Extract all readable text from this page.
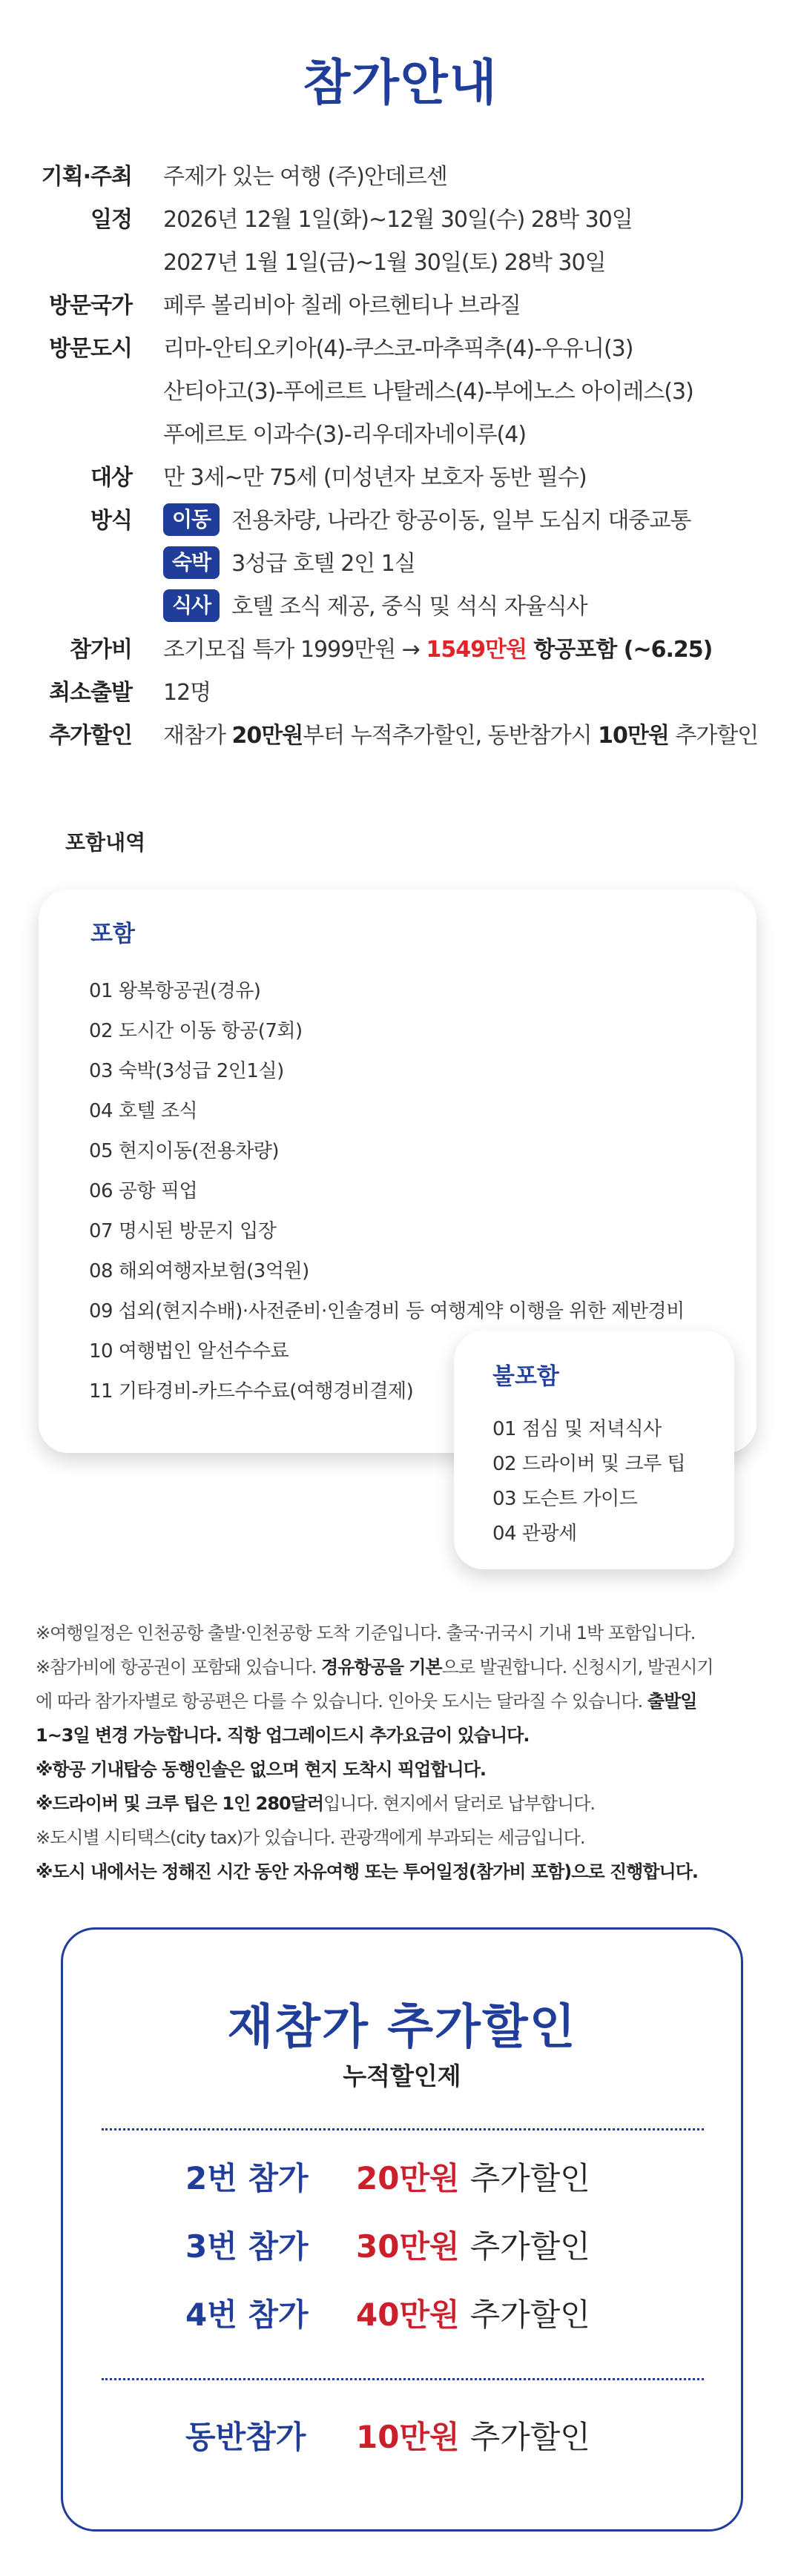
참가안내
기획·주최 주제가 있는 여행 (주)안데르센
일정 2026년 12월 1일(화)~12월 30일(수) 28박 30일
2027년 1월 1일(금)~1월 30일(토) 28박 30일
방문국가 페루 볼리비아 칠레 아르헨티나 브라질
방문도시 리마-안티오키아(4)-쿠스코-마추픽추(4)-우유니(3)
산티아고(3)-푸에르트 나탈레스(4)-부에노스 아이레스(3)
푸에르토 이과수(3)-리우데자네이루(4)
대상 만 3세~만 75세 (미성년자 보호자 동반 필수)
방식	이동 전용차량, 나라간 항공이동, 일부 도심지 대중교통
숙박 3성급 호텔 2인 1실
식사 호텔 조식 제공, 중식 및 석식 자율식사
참가비 조기모집 특가 1999만원 → 1549만원 항공포함 (~6.25)
최소출발 12명
추가할인 재참가 20만원부터 누적추가할인, 동반참가시 10만원 추가할인
포함내역
포함
01 왕복항공권(경유)
02 도시간 이동 항공(7회)
03 숙박(3성급 2인1실)
04 호텔 조식
05 현지이동(전용차량)
06 공항 픽업
07 명시된 방문지 입장
08 해외여행자보험(3억원)
09 섭외(현지수배)·사전준비·인솔경비 등 여행계약 이행을 위한 제반경비
10 여행법인 알선수수료
11 기타경비-카드수수료(여행경비결제)
불포함
01 점심 및 저녁식사
02 드라이버 및 크루 팁
03 도슨트 가이드
04 관광세
※여행일정은 인천공항 출발·인천공항 도착 기준입니다. 출국·귀국시 기내 1박 포함입니다.
※참가비에 항공권이 포함돼 있습니다. 경유항공을 기본으로 발권합니다. 신청시기, 발권시기
에 따라 참가자별로 항공편은 다를 수 있습니다. 인아웃 도시는 달라질 수 있습니다. 출발일
1~3일 변경 가능합니다. 직항 업그레이드시 추가요금이 있습니다.
※항공 기내탑승 동행인솔은 없으며 현지 도착시 픽업합니다.
※드라이버 및 크루 팁은 1인 280달러입니다. 현지에서 달러로 납부합니다.
※도시별 시티택스(city tax)가 있습니다. 관광객에게 부과되는 세금입니다.
※도시 내에서는 정해진 시간 동안 자유여행 또는 투어일정(참가비 포함)으로 진행합니다.
재참가 추가할인
누적할인제
2번 참가 20만원 추가할인
3번 참가 30만원 추가할인
4번 참가 40만원 추가할인
동반참가 10만원 추가할인
